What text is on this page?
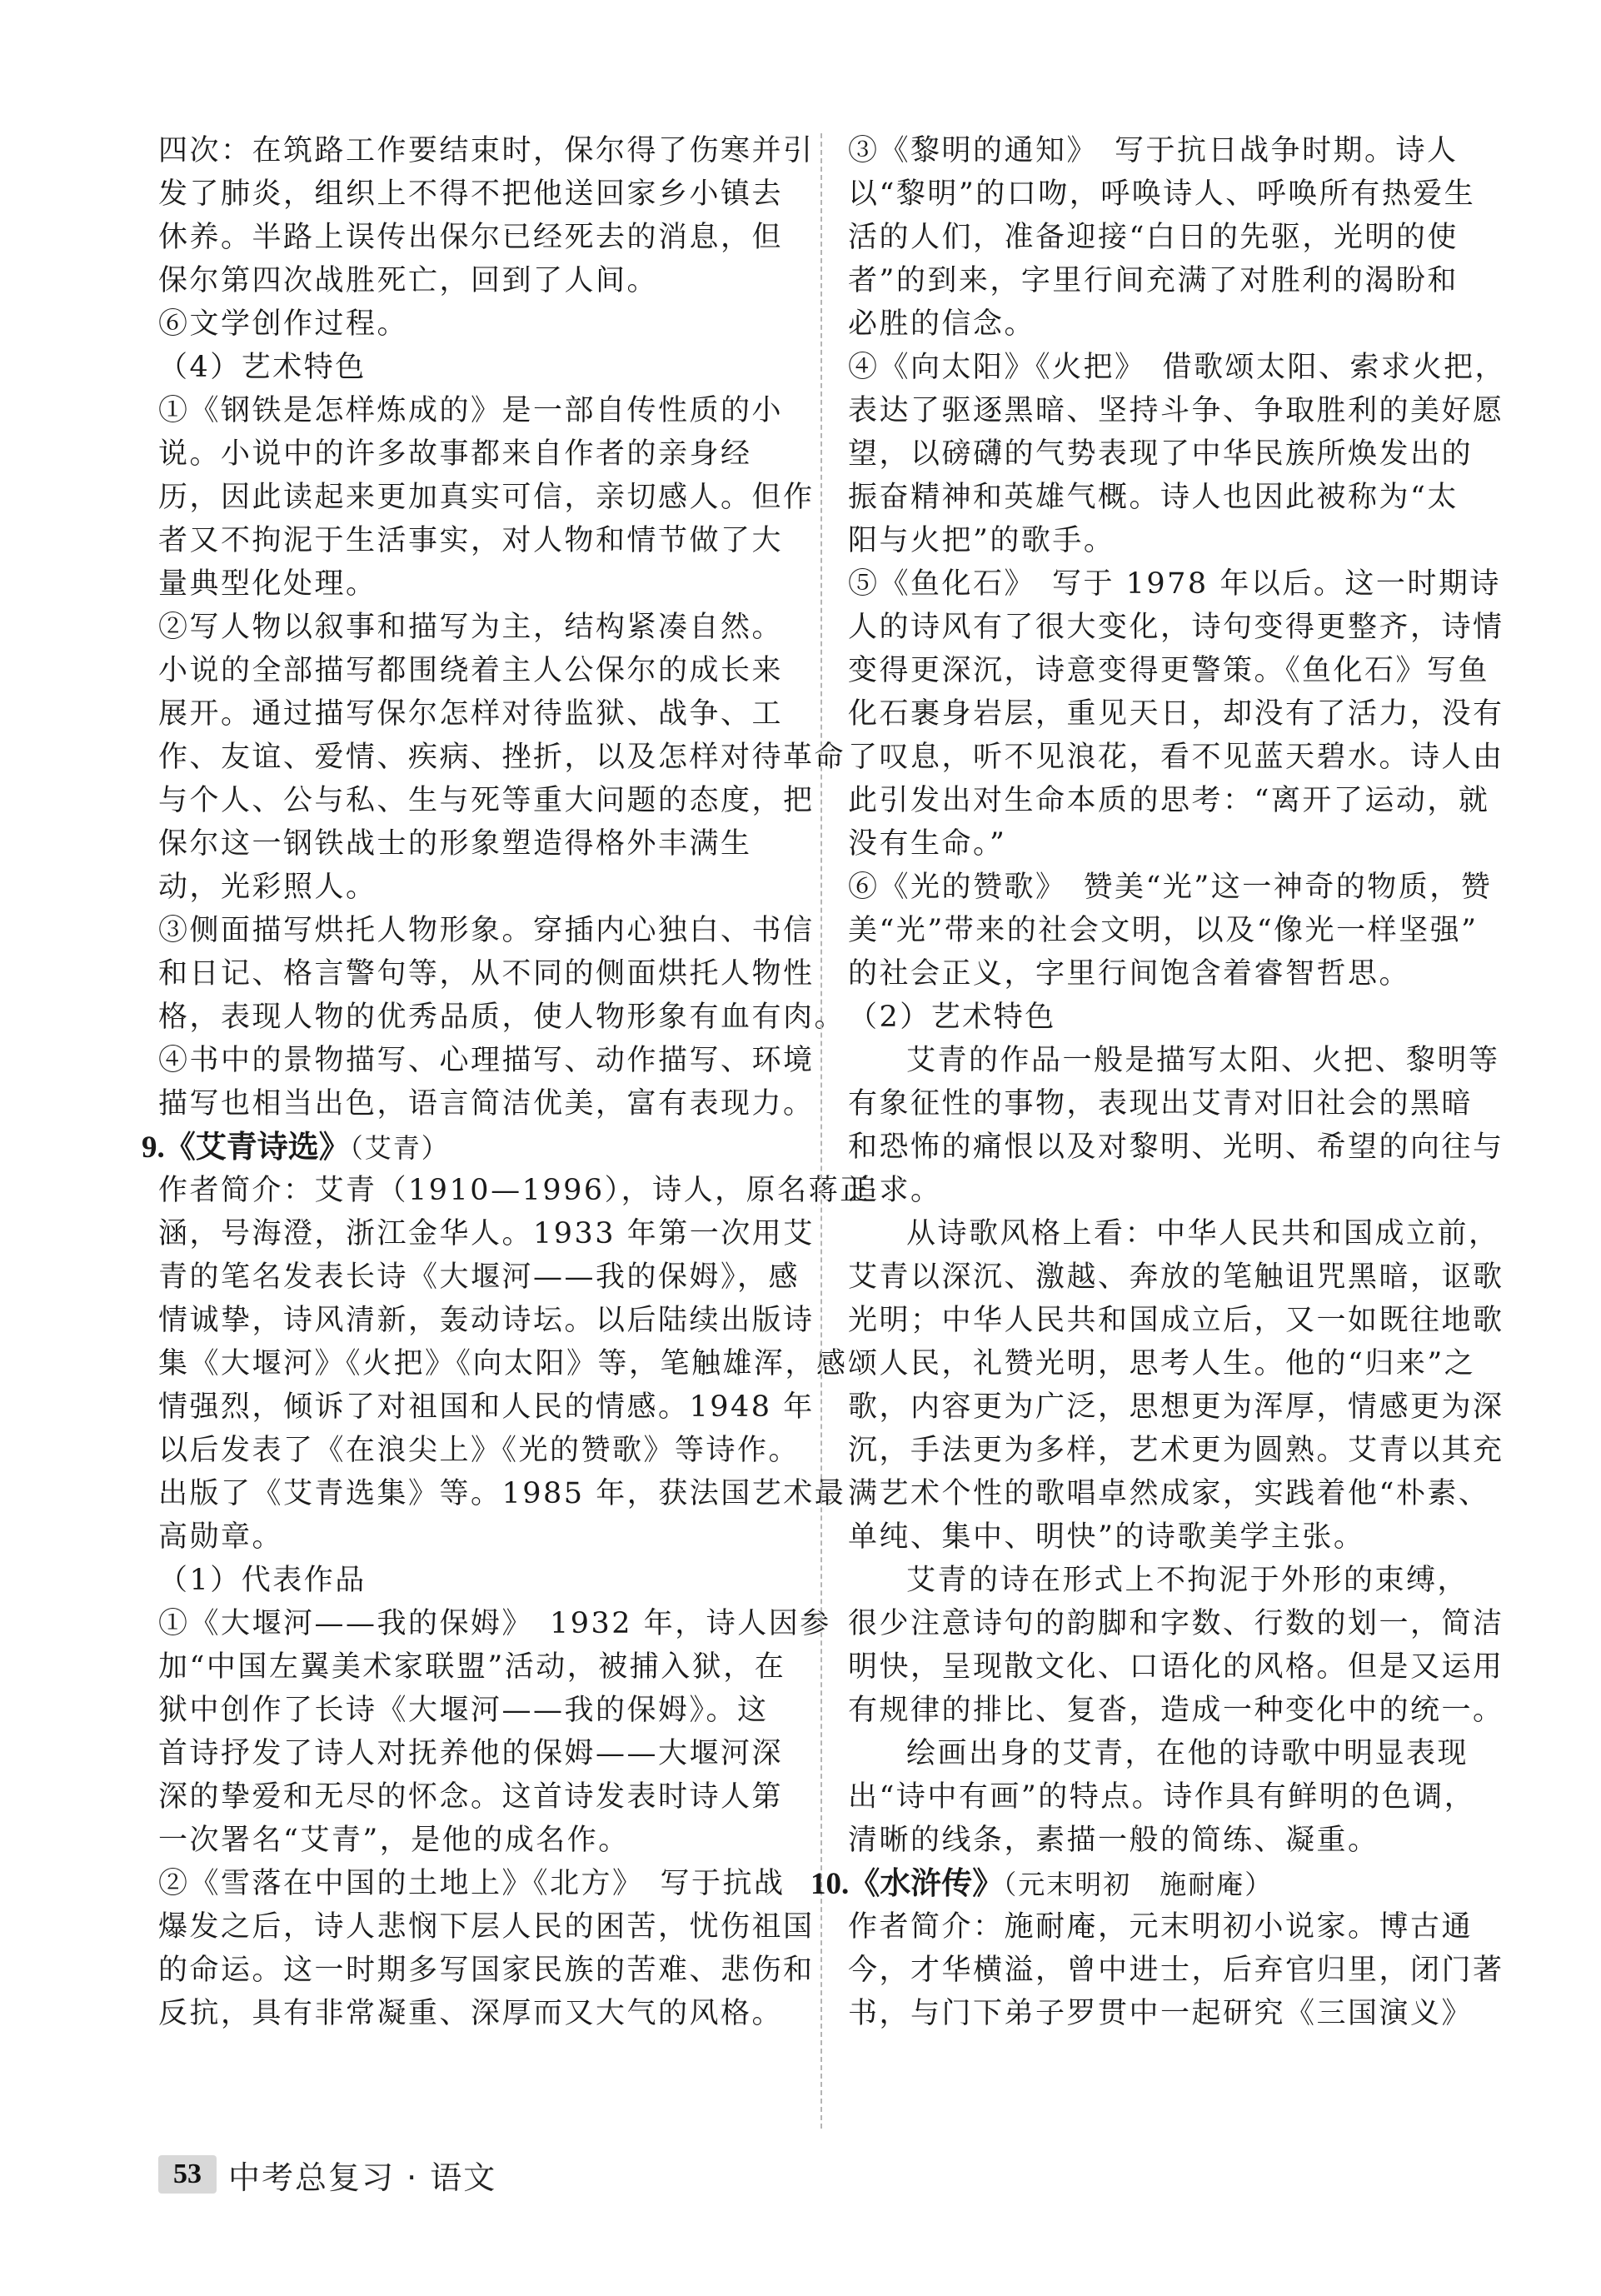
四次：在筑路工作要结束时，保尔得了伤寒并引
发了肺炎，组织上不得不把他送回家乡小镇去
休养。半路上误传出保尔已经死去的消息，但
保尔第四次战胜死亡，回到了人间。
⑥文学创作过程。
（4）艺术特色
①《钢铁是怎样炼成的》是一部自传性质的小
说。小说中的许多故事都来自作者的亲身经
历，因此读起来更加真实可信，亲切感人。但作
者又不拘泥于生活事实，对人物和情节做了大
量典型化处理。
②写人物以叙事和描写为主，结构紧凑自然。
小说的全部描写都围绕着主人公保尔的成长来
展开。通过描写保尔怎样对待监狱、战争、工
作、友谊、爱情、疾病、挫折，以及怎样对待革命
与个人、公与私、生与死等重大问题的态度，把
保尔这一钢铁战士的形象塑造得格外丰满生
动，光彩照人。
③侧面描写烘托人物形象。穿插内心独白、书信
和日记、格言警句等，从不同的侧面烘托人物性
格，表现人物的优秀品质，使人物形象有血有肉。
④书中的景物描写、心理描写、动作描写、环境
描写也相当出色，语言简洁优美，富有表现力。
9.《艾青诗选》（艾青）
作者简介：艾青（1910—1996），诗人，原名蒋正
涵，号海澄，浙江金华人。1933 年第一次用艾
青的笔名发表长诗《大堰河——我的保姆》，感
情诚挚，诗风清新，轰动诗坛。以后陆续出版诗
集《大堰河》《火把》《向太阳》等，笔触雄浑，感
情强烈，倾诉了对祖国和人民的情感。1948 年
以后发表了《在浪尖上》《光的赞歌》等诗作。
出版了《艾青选集》等。1985 年，获法国艺术最
高勋章。
（1）代表作品
①《大堰河——我的保姆》　1932 年，诗人因参
加“中国左翼美术家联盟”活动，被捕入狱，在
狱中创作了长诗《大堰河——我的保姆》。这
首诗抒发了诗人对抚养他的保姆——大堰河深
深的挚爱和无尽的怀念。这首诗发表时诗人第
一次署名“艾青”，是他的成名作。
②《雪落在中国的土地上》《北方》　写于抗战
爆发之后，诗人悲悯下层人民的困苦，忧伤祖国
的命运。这一时期多写国家民族的苦难、悲伤和
反抗，具有非常凝重、深厚而又大气的风格。
③《黎明的通知》　写于抗日战争时期。诗人
以“黎明”的口吻，呼唤诗人、呼唤所有热爱生
活的人们，准备迎接“白日的先驱，光明的使
者”的到来，字里行间充满了对胜利的渴盼和
必胜的信念。
④《向太阳》《火把》　借歌颂太阳、索求火把，
表达了驱逐黑暗、坚持斗争、争取胜利的美好愿
望，以磅礴的气势表现了中华民族所焕发出的
振奋精神和英雄气概。诗人也因此被称为“太
阳与火把”的歌手。
⑤《鱼化石》　写于 1978 年以后。这一时期诗
人的诗风有了很大变化，诗句变得更整齐，诗情
变得更深沉，诗意变得更警策。《鱼化石》写鱼
化石裹身岩层，重见天日，却没有了活力，没有
了叹息，听不见浪花，看不见蓝天碧水。诗人由
此引发出对生命本质的思考：“离开了运动，就
没有生命。”
⑥《光的赞歌》　赞美“光”这一神奇的物质，赞
美“光”带来的社会文明，以及“像光一样坚强”
的社会正义，字里行间饱含着睿智哲思。
（2）艺术特色
艾青的作品一般是描写太阳、火把、黎明等
有象征性的事物，表现出艾青对旧社会的黑暗
和恐怖的痛恨以及对黎明、光明、希望的向往与
追求。
从诗歌风格上看：中华人民共和国成立前，
艾青以深沉、激越、奔放的笔触诅咒黑暗，讴歌
光明；中华人民共和国成立后，又一如既往地歌
颂人民，礼赞光明，思考人生。他的“归来”之
歌，内容更为广泛，思想更为浑厚，情感更为深
沉，手法更为多样，艺术更为圆熟。艾青以其充
满艺术个性的歌唱卓然成家，实践着他“朴素、
单纯、集中、明快”的诗歌美学主张。
艾青的诗在形式上不拘泥于外形的束缚，
很少注意诗句的韵脚和字数、行数的划一，简洁
明快，呈现散文化、口语化的风格。但是又运用
有规律的排比、复沓，造成一种变化中的统一。
绘画出身的艾青，在他的诗歌中明显表现
出“诗中有画”的特点。诗作具有鲜明的色调，
清晰的线条，素描一般的简练、凝重。
10.《水浒传》（元末明初　施耐庵）
作者简介：施耐庵，元末明初小说家。博古通
今，才华横溢，曾中进士，后弃官归里，闭门著
书，与门下弟子罗贯中一起研究《三国演义》
53 中考总复习 · 语文
